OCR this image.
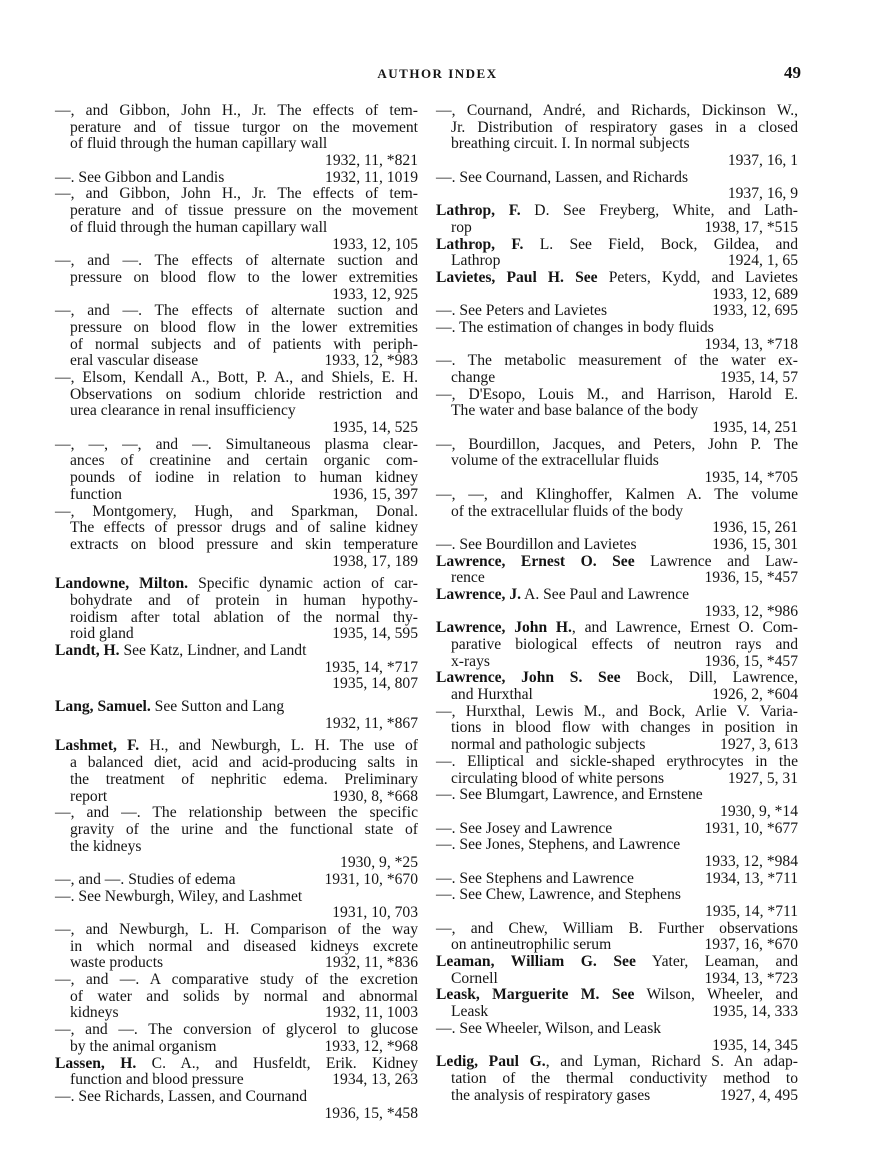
AUTHOR INDEX	49
—, and Gibbon, John H., Jr. The effects of tem-
perature and of tissue turgor on the movement
of fluid through the human capillary wall
1932, 11, *821
—. See Gibbon and Landis	1932, 11, 1019
—, and Gibbon, John H., Jr. The effects of tem-
perature and of tissue pressure on the movement
of fluid through the human capillary wall
1933, 12, 105
—, and —. The effects of alternate suction and
pressure on blood flow to the lower extremities
1933, 12, 925
—, and —. The effects of alternate suction and
pressure on blood flow in the lower extremities
of normal subjects and of patients with periph-
eral vascular disease	1933, 12, *983
—, Elsom, Kendall A., Bott, P. A., and Shiels, E. H.
Observations on sodium chloride restriction and
urea clearance in renal insufficiency
1935, 14, 525
—, —, —, and —. Simultaneous plasma clear-
ances of creatinine and certain organic com-
pounds of iodine in relation to human kidney
function	1936, 15, 397
—, Montgomery, Hugh, and Sparkman, Donal.
The effects of pressor drugs and of saline kidney
extracts on blood pressure and skin temperature
1938, 17, 189
Landowne, Milton. Specific dynamic action of car-
bohydrate and of protein in human hypothy-
roidism after total ablation of the normal thy-
roid gland	1935, 14, 595
Landt, H. See Katz, Lindner, and Landt
1935, 14, *717
1935, 14, 807
Lang, Samuel. See Sutton and Lang
1932, 11, *867
Lashmet, F. H., and Newburgh, L. H. The use of
a balanced diet, acid and acid-producing salts in
the treatment of nephritic edema. Preliminary
report	1930, 8, *668
—, and —. The relationship between the specific
gravity of the urine and the functional state of
the kidneys
1930, 9, *25
—, and —. Studies of edema	1931, 10, *670
—. See Newburgh, Wiley, and Lashmet
1931, 10, 703
—, and Newburgh, L. H. Comparison of the way
in which normal and diseased kidneys excrete
waste products	1932, 11, *836
—, and —. A comparative study of the excretion
of water and solids by normal and abnormal
kidneys	1932, 11, 1003
—, and —. The conversion of glycerol to glucose
by the animal organism	1933, 12, *968
Lassen, H. C. A., and Husfeldt, Erik. Kidney
function and blood pressure	1934, 13, 263
—. See Richards, Lassen, and Cournand
1936, 15, *458
—, Cournand, André, and Richards, Dickinson W.,
Jr. Distribution of respiratory gases in a closed
breathing circuit. I. In normal subjects
1937, 16, 1
—. See Cournand, Lassen, and Richards
1937, 16, 9
Lathrop, F. D. See Freyberg, White, and Lath-
rop	1938, 17, *515
Lathrop, F. L. See Field, Bock, Gildea, and
Lathrop	1924, 1, 65
Lavietes, Paul H. See Peters, Kydd, and Lavietes
1933, 12, 689
—. See Peters and Lavietes	1933, 12, 695
—. The estimation of changes in body fluids
1934, 13, *718
—. The metabolic measurement of the water ex-
change	1935, 14, 57
—, D'Esopo, Louis M., and Harrison, Harold E.
The water and base balance of the body
1935, 14, 251
—, Bourdillon, Jacques, and Peters, John P. The
volume of the extracellular fluids
1935, 14, *705
—, —, and Klinghoffer, Kalmen A. The volume
of the extracellular fluids of the body
1936, 15, 261
—. See Bourdillon and Lavietes	1936, 15, 301
Lawrence, Ernest O. See Lawrence and Law-
rence	1936, 15, *457
Lawrence, J. A. See Paul and Lawrence
1933, 12, *986
Lawrence, John H., and Lawrence, Ernest O. Com-
parative biological effects of neutron rays and
x-rays	1936, 15, *457
Lawrence, John S. See Bock, Dill, Lawrence,
and Hurxthal	1926, 2, *604
—, Hurxthal, Lewis M., and Bock, Arlie V. Varia-
tions in blood flow with changes in position in
normal and pathologic subjects	1927, 3, 613
—. Elliptical and sickle-shaped erythrocytes in the
circulating blood of white persons	1927, 5, 31
—. See Blumgart, Lawrence, and Ernstene
1930, 9, *14
—. See Josey and Lawrence	1931, 10, *677
—. See Jones, Stephens, and Lawrence
1933, 12, *984
—. See Stephens and Lawrence	1934, 13, *711
—. See Chew, Lawrence, and Stephens
1935, 14, *711
—, and Chew, William B. Further observations
on antineutrophilic serum	1937, 16, *670
Leaman, William G. See Yater, Leaman, and
Cornell	1934, 13, *723
Leask, Marguerite M. See Wilson, Wheeler, and
Leask	1935, 14, 333
—. See Wheeler, Wilson, and Leask
1935, 14, 345
Ledig, Paul G., and Lyman, Richard S. An adap-
tation of the thermal conductivity method to
the analysis of respiratory gases	1927, 4, 495
